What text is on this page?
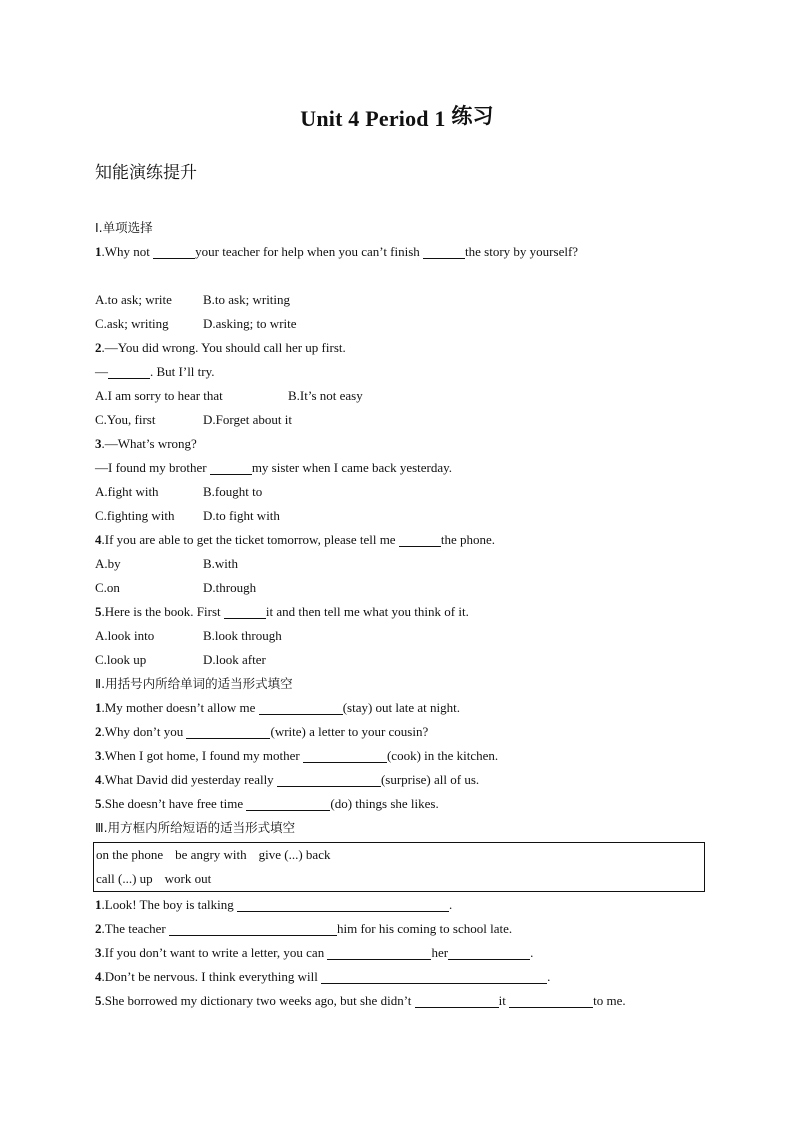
Unit 4 Period 1 练习
知能演练提升
Ⅰ.单项选择
1.Why not	your teacher for help when you can’t finish	the story by yourself?
A.to ask; write B.to ask; writing
C.ask; writing	D.asking; to write
2.—You did wrong. You should call her up first.
—	. But I’ll try.
A.I am sorry to hear that	B.It’s not easy
C.You, first	D.Forget about it
3.—What’s wrong?
—I found my brother	my sister when I came back yesterday.
A.fight with	B.fought to
C.fighting with D.to fight with
4.If you are able to get the ticket tomorrow, please tell me	the phone.
A.by	B.with
C.on	D.through
5.Here is the book. First	it and then tell me what you think of it.
A.look into	B.look through
C.look up	D.look after
Ⅱ.用括号内所给单词的适当形式填空
1.My mother doesn’t allow me	(stay) out late at night.
2.Why don’t you	(write) a letter to your cousin?
3.When I got home, I found my mother	(cook) in the kitchen.
4.What David did yesterday really	(surprise) all of us.
5.She doesn’t have free time	(do) things she likes.
Ⅲ.用方框内所给短语的适当形式填空
on the phone be angry with give (...) back
call (...) up work out
1.Look! The boy is talking	.
2.The teacher	him for his coming to school late.
3.If you don’t want to write a letter, you can	her	.
4.Don’t be nervous. I think everything will	.
5.She borrowed my dictionary two weeks ago, but she didn’t	it	to me.
